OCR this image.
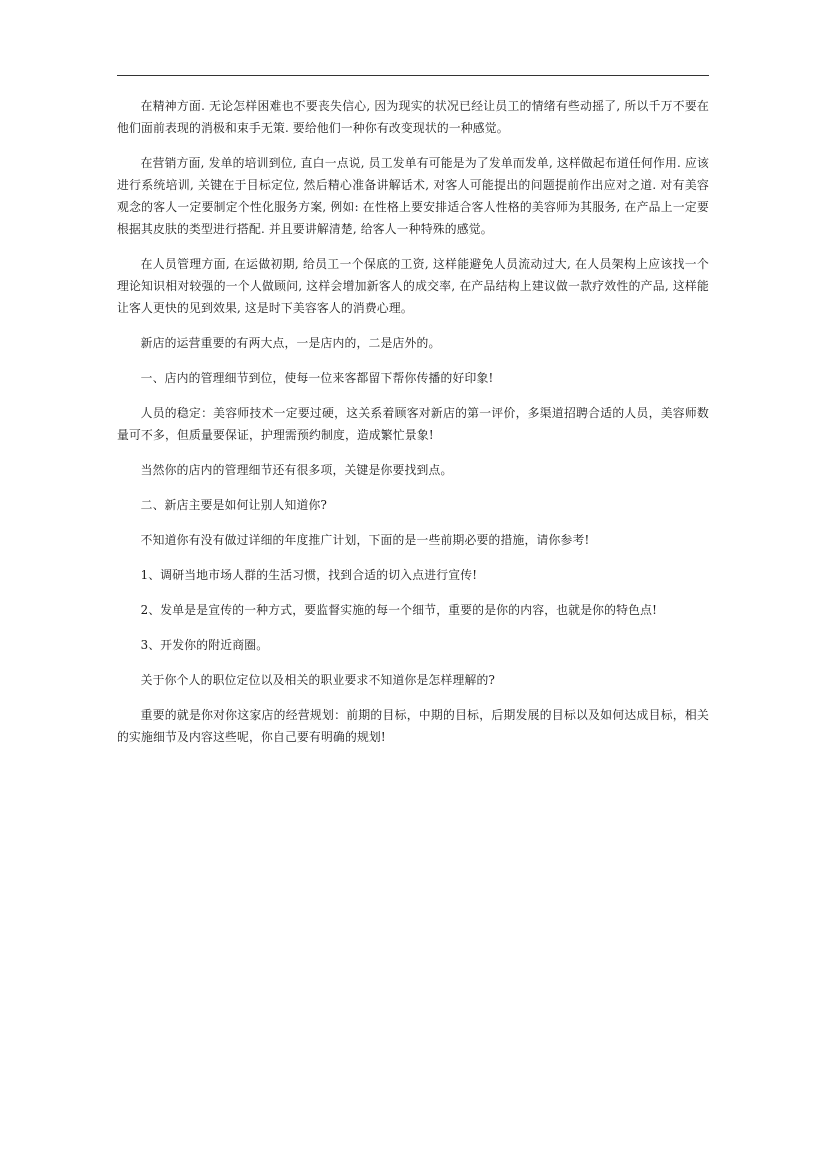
在精神方面. 无论怎样困难也不要丧失信心, 因为现实的状况已经让员工的情绪有些动摇了, 所以千万不要在他们面前表现的消极和束手无策. 要给他们一种你有改变现状的一种感觉。

在营销方面, 发单的培训到位, 直白一点说, 员工发单有可能是为了发单而发单, 这样做起布道任何作用. 应该进行系统培训, 关键在于目标定位, 然后精心准备讲解话术, 对客人可能提出的问题提前作出应对之道. 对有美容观念的客人一定要制定个性化服务方案, 例如: 在性格上要安排适合客人性格的美容师为其服务, 在产品上一定要根据其皮肤的类型进行搭配. 并且要讲解清楚, 给客人一种特殊的感觉。

在人员管理方面, 在运做初期, 给员工一个保底的工资, 这样能避免人员流动过大, 在人员架构上应该找一个理论知识相对较强的一个人做顾问, 这样会增加新客人的成交率, 在产品结构上建议做一款疗效性的产品, 这样能让客人更快的见到效果, 这是时下美容客人的消费心理。

新店的运营重要的有两大点，一是店内的，二是店外的。

一、店内的管理细节到位，使每一位来客都留下帮你传播的好印象!

人员的稳定：美容师技术一定要过硬，这关系着顾客对新店的第一评价，多渠道招聘合适的人员，美容师数量可不多，但质量要保证，护理需预约制度，造成繁忙景象!

当然你的店内的管理细节还有很多项，关键是你要找到点。

二、新店主要是如何让别人知道你?

不知道你有没有做过详细的年度推广计划，下面的是一些前期必要的措施，请你参考!

1、调研当地市场人群的生活习惯，找到合适的切入点进行宣传!

2、发单是是宣传的一种方式，要监督实施的每一个细节，重要的是你的内容，也就是你的特色点!

3、开发你的附近商圈。

关于你个人的职位定位以及相关的职业要求不知道你是怎样理解的?

重要的就是你对你这家店的经营规划：前期的目标，中期的目标，后期发展的目标以及如何达成目标，相关的实施细节及内容这些呢，你自己要有明确的规划!
